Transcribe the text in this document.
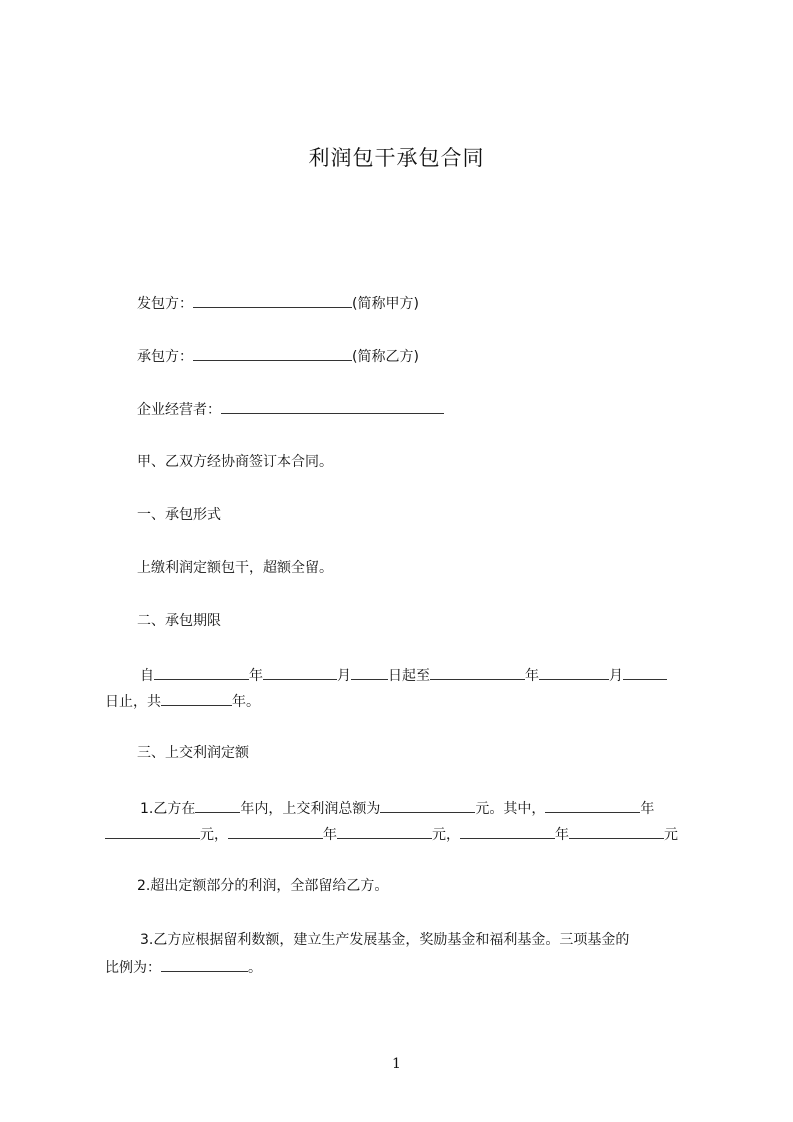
利润包干承包合同
发包方：	(简称甲方)
承包方：	(简称乙方)
企业经营者：
甲、乙双方经协商签订本合同。
一、承包形式
上缴利润定额包干，超额全留。
二、承包期限
自	年	月	日起至	年	月
日止，共	年。
三、上交利润定额
1.乙方在	年内，上交利润总额为	元。其中，	年
元，	年	元，	年	元
2.超出定额部分的利润，全部留给乙方。
3.乙方应根据留利数额，建立生产发展基金，奖励基金和福利基金。三项基金的
比例为：	。
1
